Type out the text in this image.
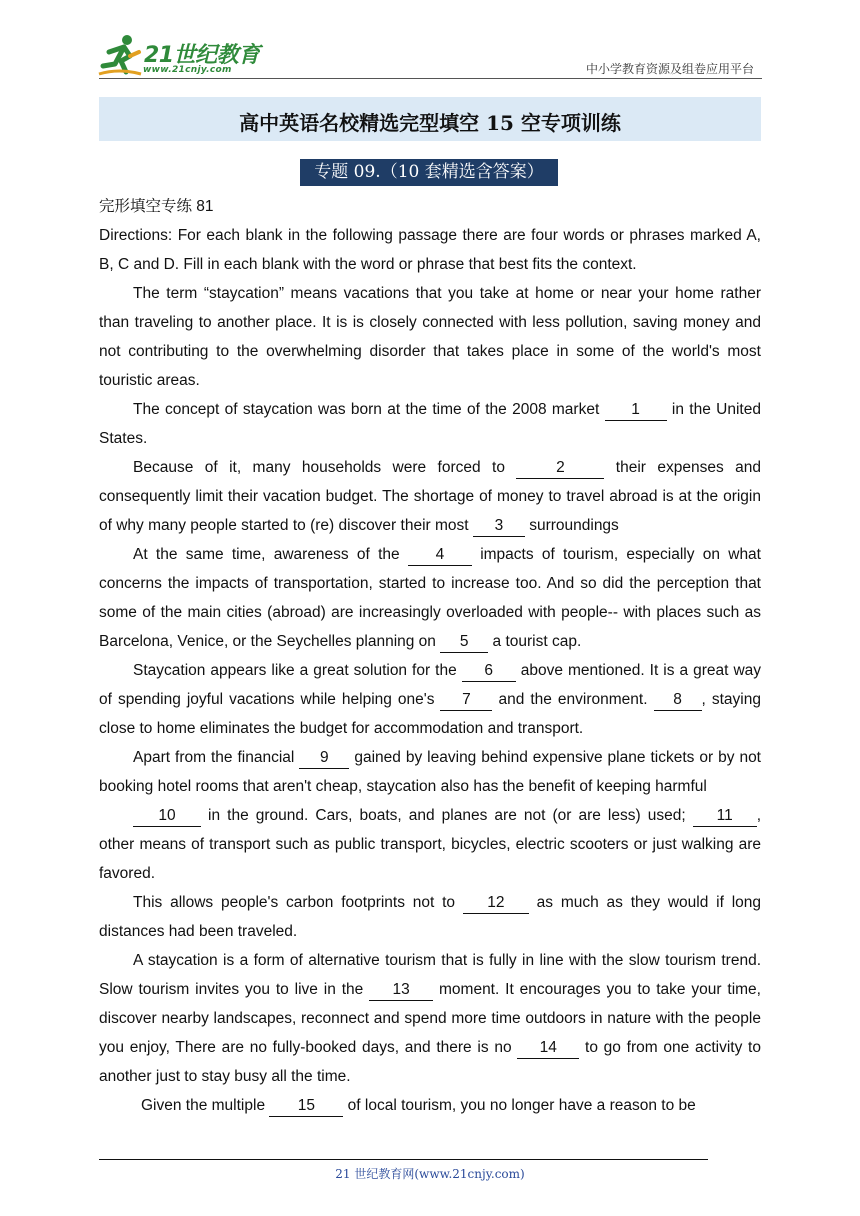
21世纪教育
www.21cnjy.com	中小学教育资源及组卷应用平台
高中英语名校精选完型填空 15 空专项训练
专题 09.（10 套精选含答案）

完形填空专练 81

Directions: For each blank in the following passage there are four words or phrases marked A, B, C and D. Fill in each blank with the word or phrase that best fits the context.

The term “staycation” means vacations that you take at home or near your home rather than traveling to another place. It is is closely connected with less pollution, saving money and not contributing to the overwhelming disorder that takes place in some of the world's most touristic areas.

The concept of staycation was born at the time of the 2008 market 1 in the United States.

Because of it, many households were forced to	2	their expenses and consequently limit their vacation budget. The shortage of money to travel abroad is at the origin of why many people started to (re) discover their most 3 surroundings

At the same time, awareness of the 4 impacts of tourism, especially on what concerns the impacts of transportation, started to increase too. And so did the perception that some of the main cities (abroad) are increasingly overloaded with people-- with places such as Barcelona, Venice, or the Seychelles planning on 5 a tourist cap.

Staycation appears like a great solution for the 6 above mentioned. It is a great way of spending joyful vacations while helping one's 7 and the environment. 8 , staying close to home eliminates the budget for accommodation and transport.

Apart from the financial 9 gained by leaving behind expensive plane tickets or by not booking hotel rooms that aren't cheap, staycation also has the benefit of keeping harmful

10 in the ground. Cars, boats, and planes are not (or are less) used; 11 , other means of transport such as public transport, bicycles, electric scooters or just walking are favored.

This allows people's carbon footprints not to 12 as much as they would if long distances had been traveled.

A staycation is a form of alternative tourism that is fully in line with the slow tourism trend. Slow tourism invites you to live in the 13 moment. It encourages you to take your time, discover nearby landscapes, reconnect and spend more time outdoors in nature with the people you enjoy, There are no fully-booked days, and there is no 14 to go from one activity to another just to stay busy all the time.

Given the multiple 15 of local tourism, you no longer have a reason to be

21 世纪教育网(www.21cnjy.com)
